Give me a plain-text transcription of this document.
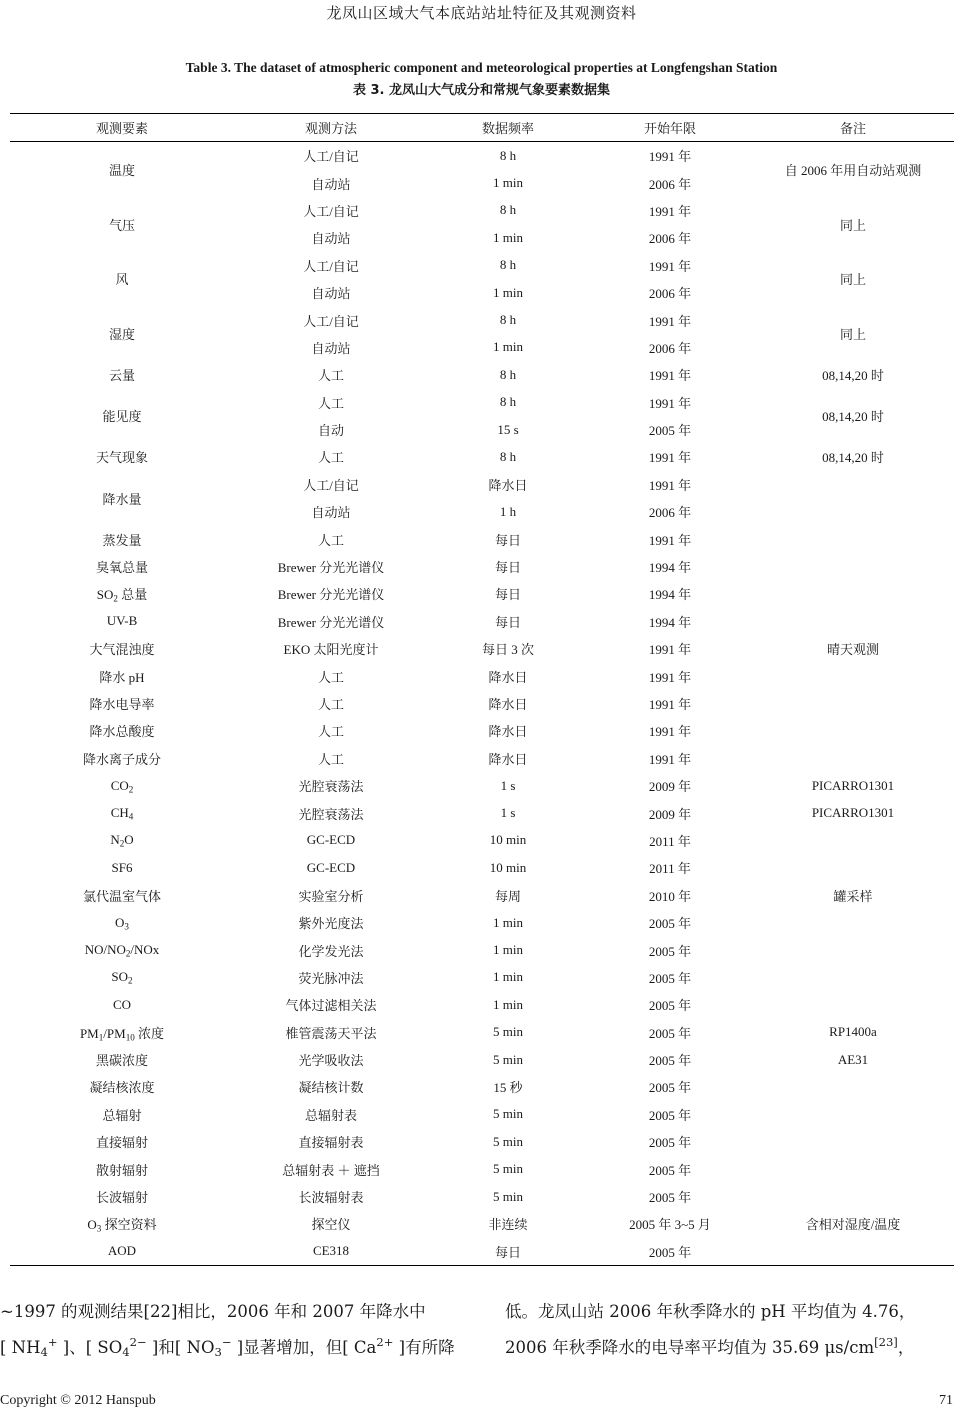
龙凤山区域大气本底站站址特征及其观测资料
Table 3. The dataset of atmospheric component and meteorological properties at Longfengshan Station
表 3. 龙凤山大气成分和常规气象要素数据集
观测要素	观测方法	数据频率	开始年限	备注
温度	人工/自记	8 h	1991 年	自 2006 年用自动站观测
	自动站	1 min	2006 年	
气压	人工/自记	8 h	1991 年	同上
	自动站	1 min	2006 年	
风	人工/自记	8 h	1991 年	同上
	自动站	1 min	2006 年	
湿度	人工/自记	8 h	1991 年	同上
	自动站	1 min	2006 年	
云量	人工	8 h	1991 年	08,14,20 时
能见度	人工	8 h	1991 年	08,14,20 时
	自动	15 s	2005 年	
天气现象	人工	8 h	1991 年	08,14,20 时
降水量	人工/自记	降水日	1991 年	
	自动站	1 h	2006 年	
蒸发量	人工	每日	1991 年	
臭氧总量	Brewer 分光光谱仪	每日	1994 年	
$SO_2$ 总量	Brewer 分光光谱仪	每日	1994 年	
UV-B	Brewer 分光光谱仪	每日	1994 年	
大气混浊度	EKO 太阳光度计	每日 3 次	1991 年	晴天观测
降水 pH	人工	降水日	1991 年	
降水电导率	人工	降水日	1991 年	
降水总酸度	人工	降水日	1991 年	
降水离子成分	人工	降水日	1991 年	
$CO_2$	光腔衰荡法	1 s	2009 年	PICARRO1301
$CH_4$	光腔衰荡法	1 s	2009 年	PICARRO1301
$N_2O$	GC-ECD	10 min	2011 年	
SF6	GC-ECD	10 min	2011 年	
氯代温室气体	实验室分析	每周	2010 年	罐采样
$O_3$	紫外光度法	1 min	2005 年	
$NO/NO_2$/NOx	化学发光法	1 min	2005 年	
$SO_2$	荧光脉冲法	1 min	2005 年	
CO	气体过滤相关法	1 min	2005 年	
$PM_1/PM_{10}$ 浓度	椎管震荡天平法	5 min	2005 年	RP1400a
黑碳浓度	光学吸收法	5 min	2005 年	AE31
凝结核浓度	凝结核计数	15 秒	2005 年	
总辐射	总辐射表	5 min	2005 年	
直接辐射	直接辐射表	5 min	2005 年	
散射辐射	总辐射表 ＋ 遮挡	5 min	2005 年	
长波辐射	长波辐射表	5 min	2005 年	
$O_3$ 探空资料	探空仪	非连续	2005 年 3~5 月	含相对湿度/温度
AOD	CE318	每日	2005 年	

~1997 的观测结果[22]相比，2006 年和 2007 年降水中

[ $NH_4^+$ ]、[ $SO_4^{2-}$ ]和[ $NO_3^-$ ]显著增加，但[ $Ca^{2+}$ ]有所降

低。龙凤山站 2006 年秋季降水的 pH 平均值为 4.76，

2006 年秋季降水的电导率平均值为 35.69 μs/cm[23]，

Copyright © 2012 Hanspub	71
